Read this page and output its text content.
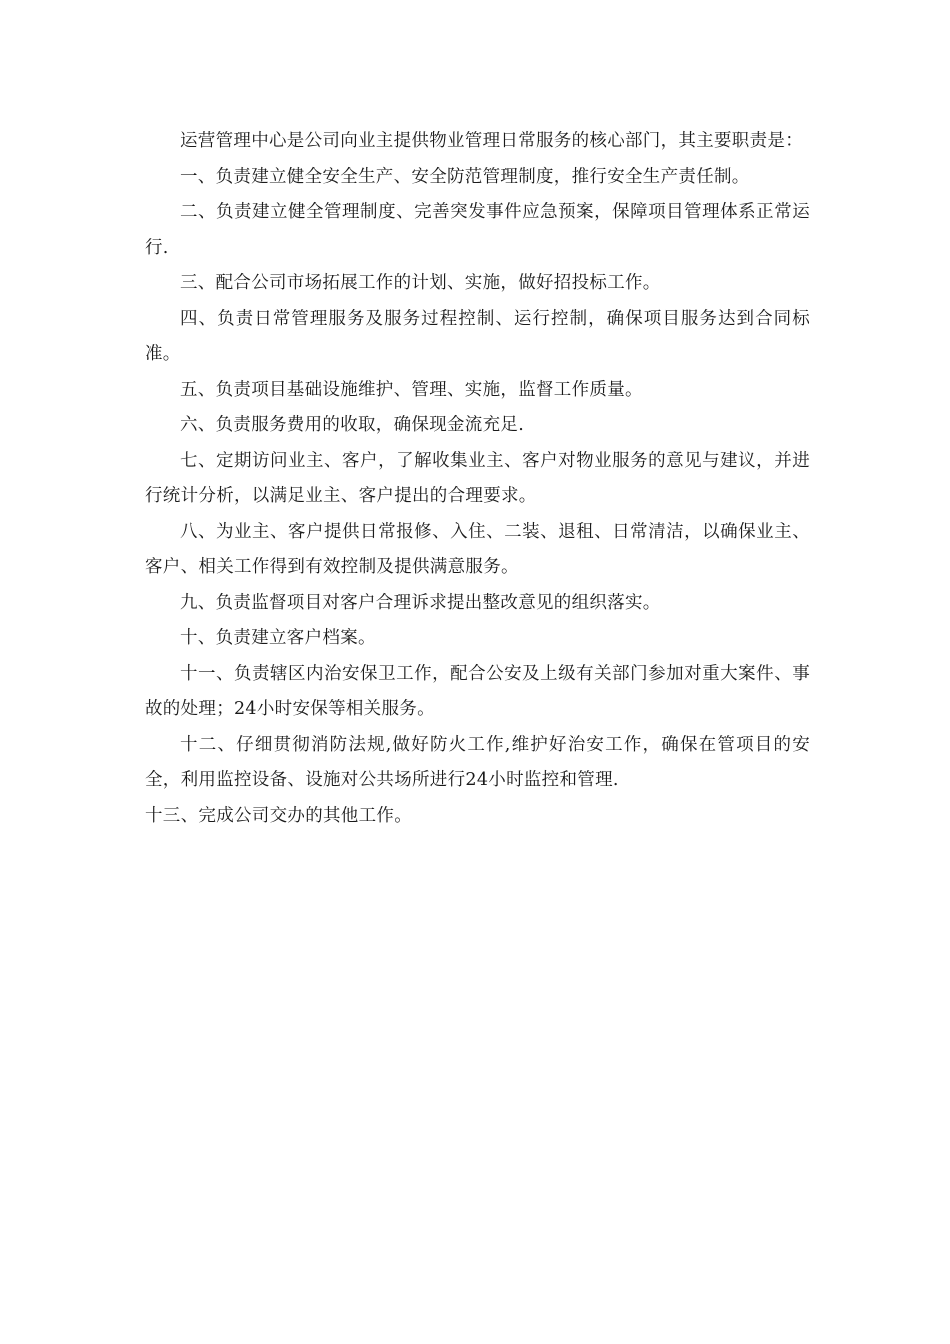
运营管理中心是公司向业主提供物业管理日常服务的核心部门，其主要职责是：

一、负责建立健全安全生产、安全防范管理制度，推行安全生产责任制。

二、负责建立健全管理制度、完善突发事件应急预案，保障项目管理体系正常运行.

三、配合公司市场拓展工作的计划、实施，做好招投标工作。

四、负责日常管理服务及服务过程控制、运行控制，确保项目服务达到合同标准。

五、负责项目基础设施维护、管理、实施，监督工作质量。

六、负责服务费用的收取，确保现金流充足.

七、定期访问业主、客户，了解收集业主、客户对物业服务的意见与建议，并进行统计分析，以满足业主、客户提出的合理要求。

八、为业主、客户提供日常报修、入住、二装、退租、日常清洁，以确保业主、客户、相关工作得到有效控制及提供满意服务。

九、负责监督项目对客户合理诉求提出整改意见的组织落实。

十、负责建立客户档案。

十一、负责辖区内治安保卫工作，配合公安及上级有关部门参加对重大案件、事故的处理；24小时安保等相关服务。

十二、仔细贯彻消防法规,做好防火工作,维护好治安工作，确保在管项目的安全，利用监控设备、设施对公共场所进行24小时监控和管理.

十三、完成公司交办的其他工作。
